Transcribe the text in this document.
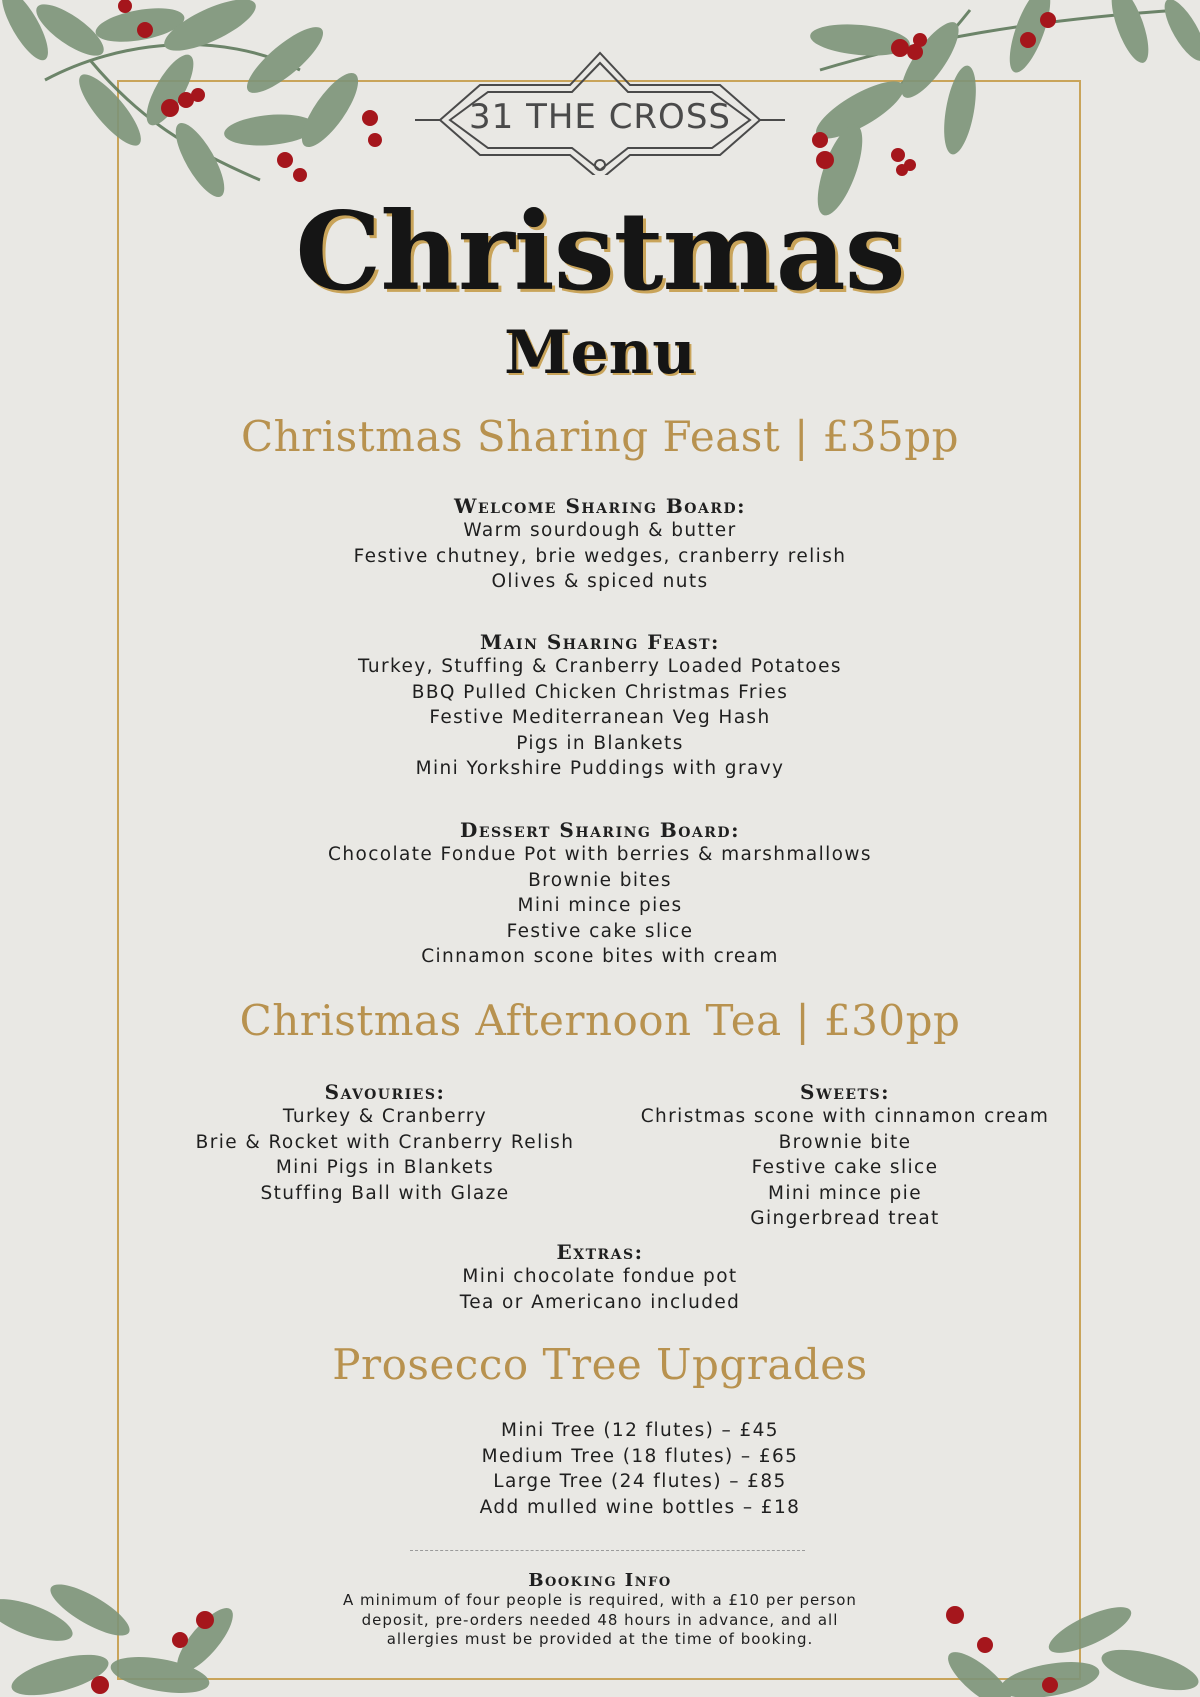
31 THE CROSS
Christmas
Menu
Christmas Sharing Feast | £35pp
Welcome Sharing Board:
Warm sourdough & butter
Festive chutney, brie wedges, cranberry relish
Olives & spiced nuts
Main Sharing Feast:
Turkey, Stuffing & Cranberry Loaded Potatoes
BBQ Pulled Chicken Christmas Fries
Festive Mediterranean Veg Hash
Pigs in Blankets
Mini Yorkshire Puddings with gravy
Dessert Sharing Board:
Chocolate Fondue Pot with berries & marshmallows
Brownie bites
Mini mince pies
Festive cake slice
Cinnamon scone bites with cream
Christmas Afternoon Tea | £30pp
Savouries:
Turkey & Cranberry
Brie & Rocket with Cranberry Relish
Mini Pigs in Blankets
Stuffing Ball with Glaze
Sweets:
Christmas scone with cinnamon cream
Brownie bite
Festive cake slice
Mini mince pie
Gingerbread treat
Extras:
Mini chocolate fondue pot
Tea or Americano included
Prosecco Tree Upgrades
Mini Tree (12 flutes) – £45
Medium Tree (18 flutes) – £65
Large Tree (24 flutes) – £85
Add mulled wine bottles – £18
Booking Info
A minimum of four people is required, with a £10 per person
deposit, pre-orders needed 48 hours in advance, and all
allergies must be provided at the time of booking.
